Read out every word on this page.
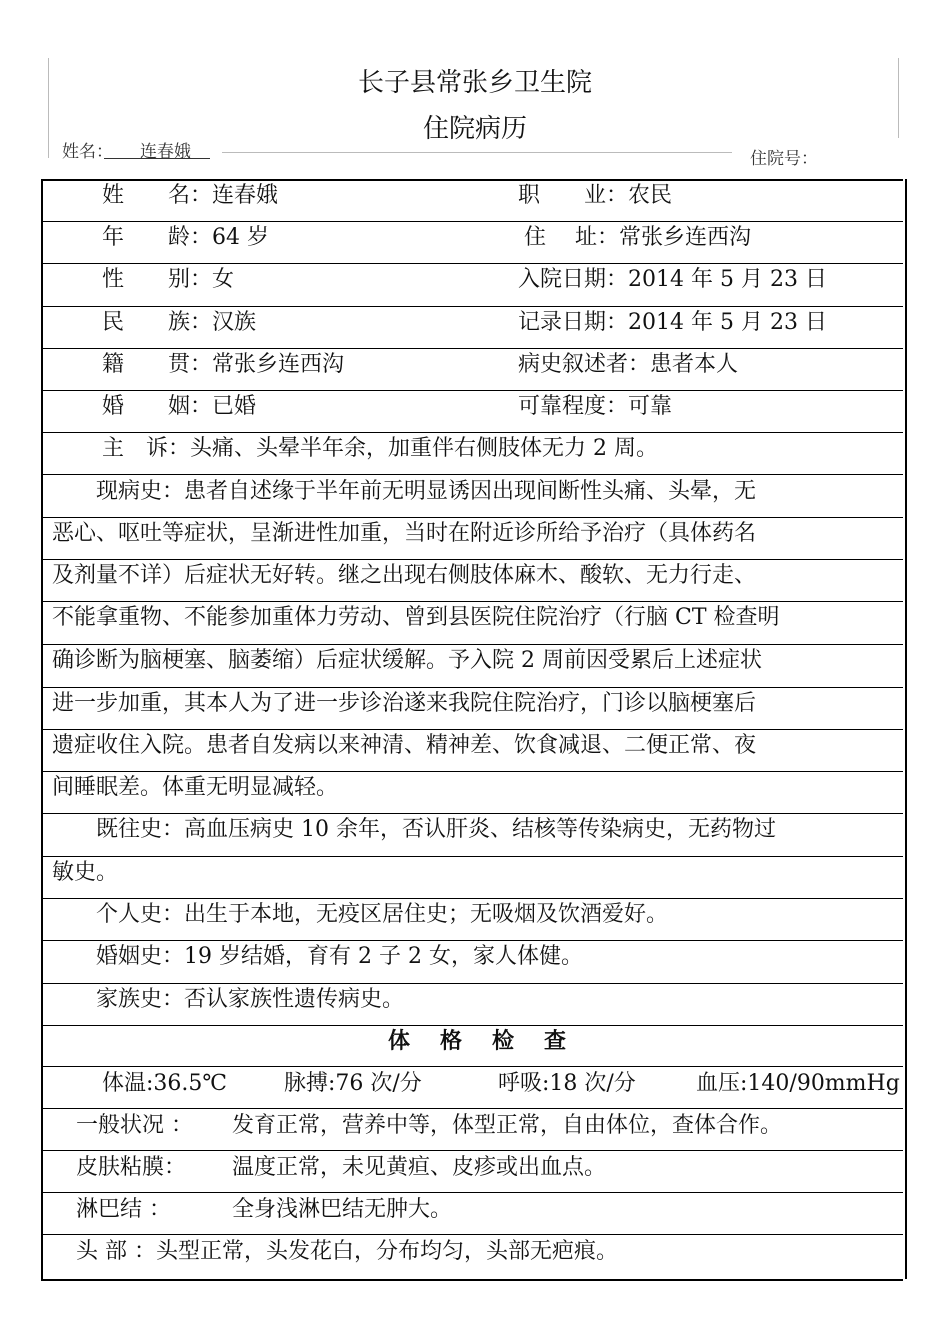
长子县常张乡卫生院
住院病历
姓名： 连春娥	住院号：
姓　　名：连春娥	职　　业：农民
年　　龄：64 岁	住　 址：常张乡连西沟
性　　别：女	入院日期：2014 年 5 月 23 日
民　　族：汉族	记录日期：2014 年 5 月 23 日
籍　　贯：常张乡连西沟	病史叙述者：患者本人
婚　　姻：已婚	可靠程度：可靠
主　诉：头痛、头晕半年余，加重伴右侧肢体无力 2 周。
　　现病史：患者自述缘于半年前无明显诱因出现间断性头痛、头晕，无
恶心、呕吐等症状，呈渐进性加重，当时在附近诊所给予治疗（具体药名
及剂量不详）后症状无好转。继之出现右侧肢体麻木、酸软、无力行走、
不能拿重物、不能参加重体力劳动、曾到县医院住院治疗（行脑 CT 检查明
确诊断为脑梗塞、脑萎缩）后症状缓解。予入院 2 周前因受累后上述症状
进一步加重，其本人为了进一步诊治遂来我院住院治疗，门诊以脑梗塞后
遗症收住入院。患者自发病以来神清、精神差、饮食减退、二便正常、夜
间睡眠差。体重无明显减轻。
　　既往史：高血压病史 10 余年，否认肝炎、结核等传染病史，无药物过
敏史。
　　个人史：出生于本地，无疫区居住史；无吸烟及饮酒爱好。
　　婚姻史：19 岁结婚，育有 2 子 2 女，家人体健。
　　家族史：否认家族性遗传病史。
体格检查
体温:36.5℃	脉搏:76 次/分	呼吸:18 次/分	血压:140/90mmHg
一般状况 ： 发育正常，营养中等，体型正常，自由体位，查体合作。
皮肤粘膜： 温度正常，未见黄疸、皮疹或出血点。
淋巴结 ：	全身浅淋巴结无肿大。
头 部 ：头型正常，头发花白，分布均匀，头部无疤痕。
